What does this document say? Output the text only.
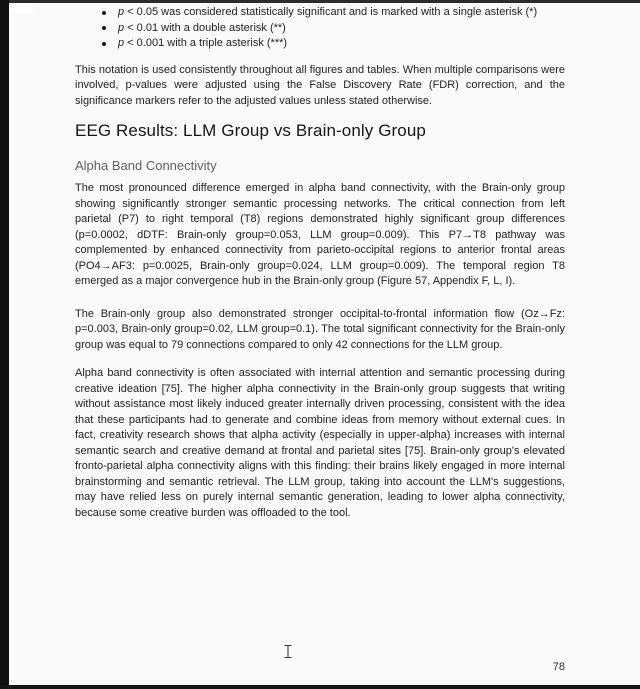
p < 0.05 was considered statistically significant and is marked with a single asterisk (*)
p < 0.01 with a double asterisk (**)
p < 0.001 with a triple asterisk (***)

This notation is used consistently throughout all figures and tables. When multiple comparisons were involved, p-values were adjusted using the False Discovery Rate (FDR) correction, and the significance markers refer to the adjusted values unless stated otherwise.

EEG Results: LLM Group vs Brain-only Group
Alpha Band Connectivity

The most pronounced difference emerged in alpha band connectivity, with the Brain-only group showing significantly stronger semantic processing networks. The critical connection from left parietal (P7) to right temporal (T8) regions demonstrated highly significant group differences (p=0.0002, dDTF: Brain-only group=0.053, LLM group=0.009). This P7→T8 pathway was complemented by enhanced connectivity from parieto-occipital regions to anterior frontal areas (PO4→AF3: p=0.0025, Brain-only group=0.024, LLM group=0.009). The temporal region T8 emerged as a major convergence hub in the Brain-only group (Figure 57, Appendix F, L, I).

The Brain-only group also demonstrated stronger occipital-to-frontal information flow (Oz→Fz: p=0.003, Brain-only group=0.02, LLM group=0.1). The total significant connectivity for the Brain-only group was equal to 79 connections compared to only 42 connections for the LLM group.

Alpha band connectivity is often associated with internal attention and semantic processing during creative ideation [75]. The higher alpha connectivity in the Brain-only group suggests that writing without assistance most likely induced greater internally driven processing, consistent with the idea that these participants had to generate and combine ideas from memory without external cues. In fact, creativity research shows that alpha activity (especially in upper-alpha) increases with internal semantic search and creative demand at frontal and parietal sites [75]. Brain-only group's elevated fronto-parietal alpha connectivity aligns with this finding: their brains likely engaged in more internal brainstorming and semantic retrieval. The LLM group, taking into account the LLM's suggestions, may have relied less on purely internal semantic generation, leading to lower alpha connectivity, because some creative burden was offloaded to the tool.

78
